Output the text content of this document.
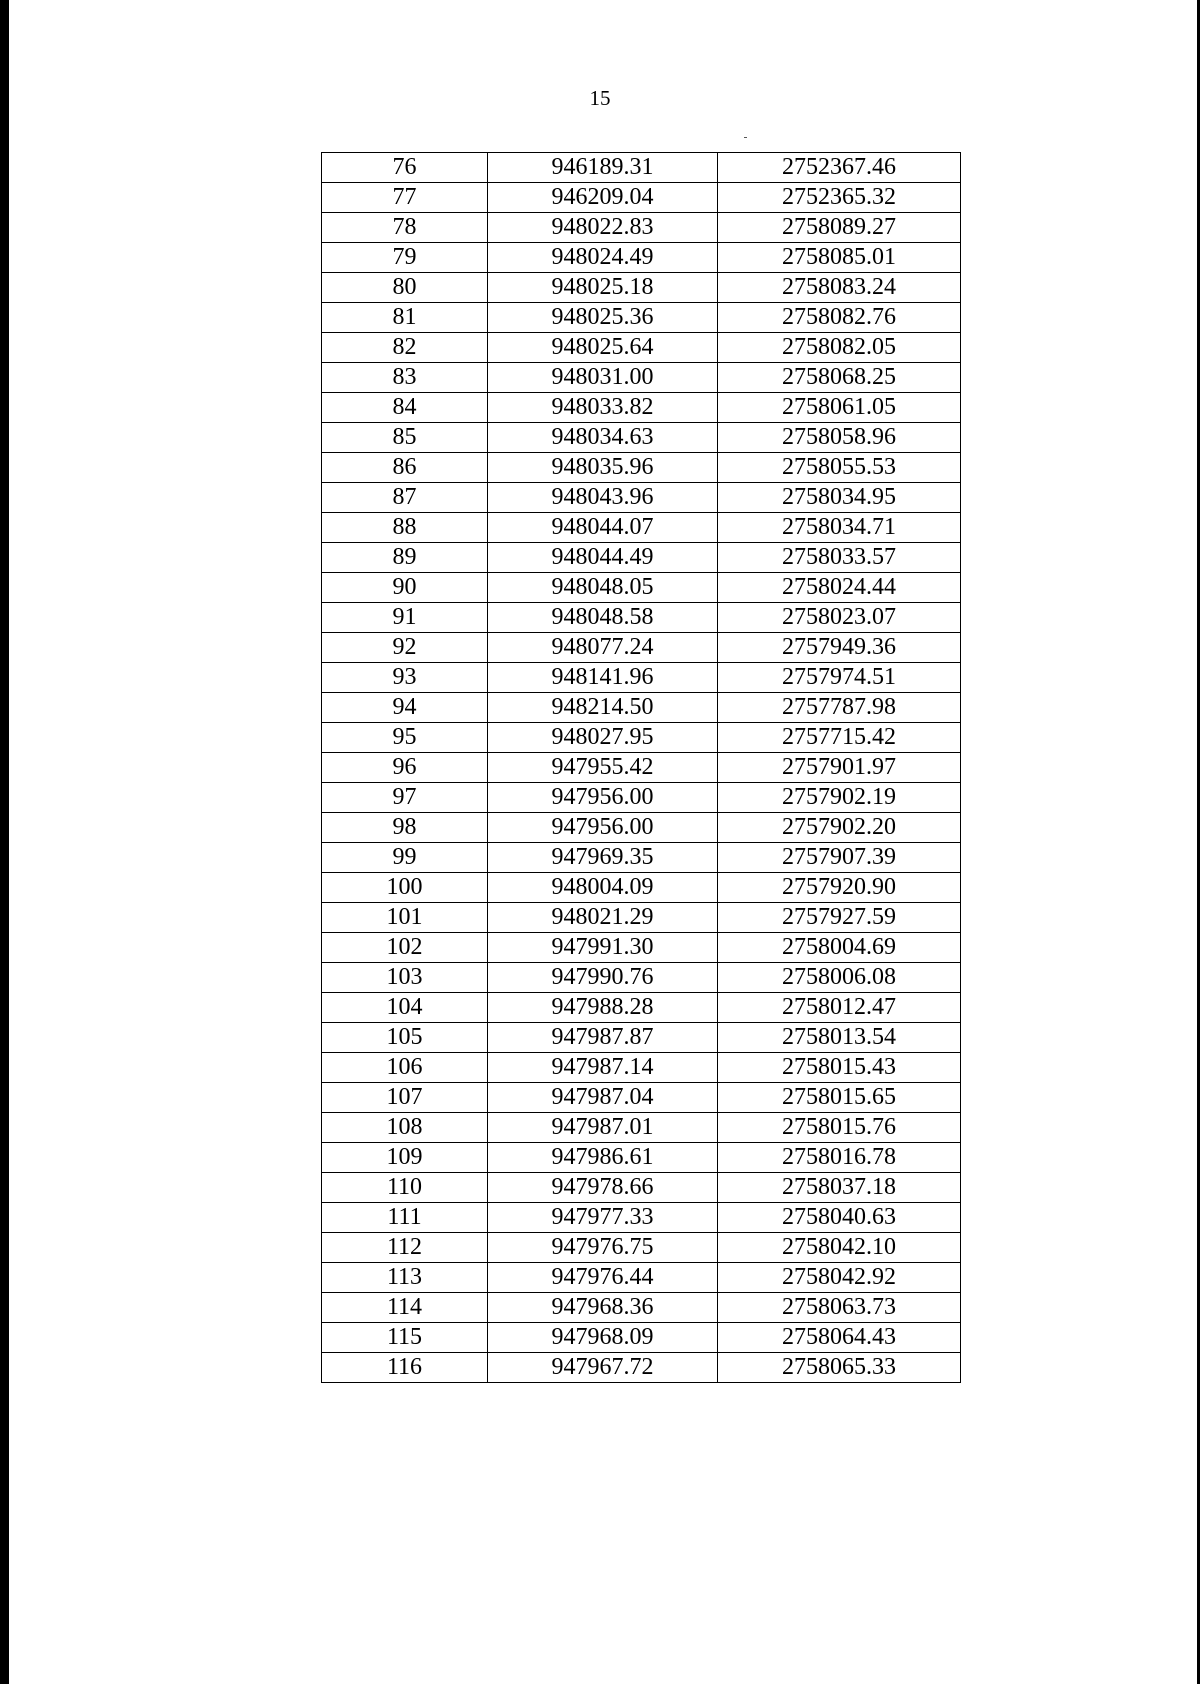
15
76	946189.31	2752367.46
77	946209.04	2752365.32
78	948022.83	2758089.27
79	948024.49	2758085.01
80	948025.18	2758083.24
81	948025.36	2758082.76
82	948025.64	2758082.05
83	948031.00	2758068.25
84	948033.82	2758061.05
85	948034.63	2758058.96
86	948035.96	2758055.53
87	948043.96	2758034.95
88	948044.07	2758034.71
89	948044.49	2758033.57
90	948048.05	2758024.44
91	948048.58	2758023.07
92	948077.24	2757949.36
93	948141.96	2757974.51
94	948214.50	2757787.98
95	948027.95	2757715.42
96	947955.42	2757901.97
97	947956.00	2757902.19
98	947956.00	2757902.20
99	947969.35	2757907.39
100	948004.09	2757920.90
101	948021.29	2757927.59
102	947991.30	2758004.69
103	947990.76	2758006.08
104	947988.28	2758012.47
105	947987.87	2758013.54
106	947987.14	2758015.43
107	947987.04	2758015.65
108	947987.01	2758015.76
109	947986.61	2758016.78
110	947978.66	2758037.18
111	947977.33	2758040.63
112	947976.75	2758042.10
113	947976.44	2758042.92
114	947968.36	2758063.73
115	947968.09	2758064.43
116	947967.72	2758065.33
